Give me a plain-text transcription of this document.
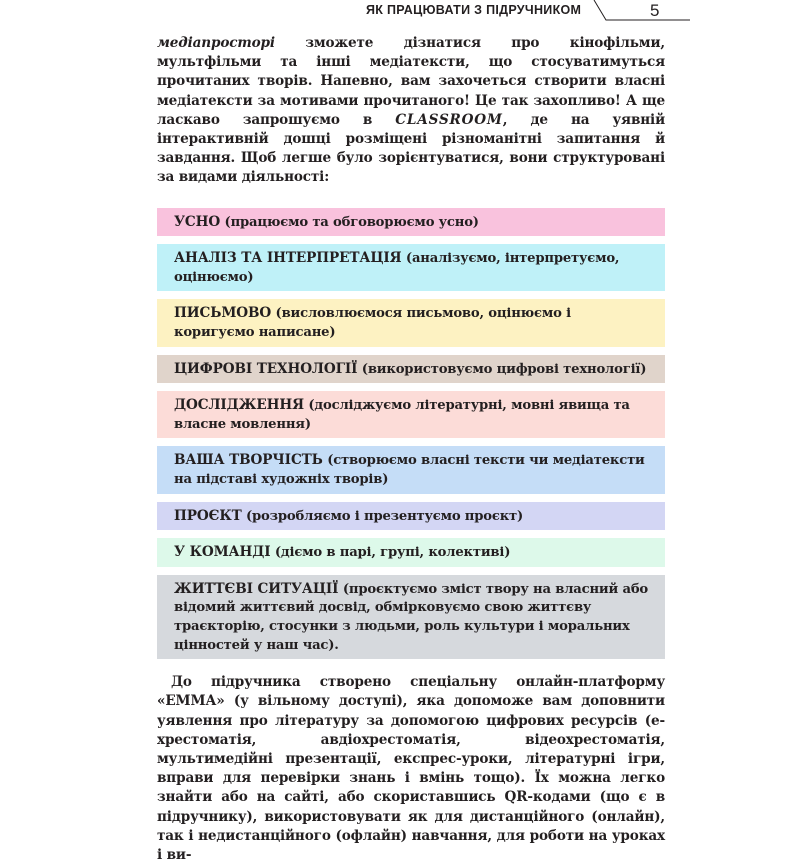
ЯК ПРАЦЮВАТИ З ПІДРУЧНИКОМ	5

медіапросторі зможете дізнатися про кінофільми, мультфільми та інші медіатексти, що стосуватимуться прочитаних творів. Напевно, вам захочеться створити власні медіатексти за мотивами прочитаного! Це так захопливо! А ще ласкаво запрошуємо в CLASSROOM, де на уявній інтерактивній дошці розміщені різноманітні запитання й завдання. Щоб легше було зорієнтуватися, вони структуровані за видами діяльності:

УСНО (працюємо та обговорюємо усно)
АНАЛІЗ ТА ІНТЕРПРЕТАЦІЯ (аналізуємо, інтерпретуємо, оцінюємо)
ПИСЬМОВО (висловлюємося письмово, оцінюємо і коригуємо написане)
ЦИФРОВІ ТЕХНОЛОГІЇ (використовуємо цифрові технології)
ДОСЛІДЖЕННЯ (досліджуємо літературні, мовні явища та власне мовлення)
ВАША ТВОРЧІСТЬ (створюємо власні тексти чи медіатексти на підставі художніх творів)
ПРОЄКТ (розробляємо і презентуємо проєкт)
У КОМАНДІ (діємо в парі, групі, колективі)
ЖИТТЄВІ СИТУАЦІЇ (проєктуємо зміст твору на власний або відомий життєвий досвід, обмірковуємо свою життєву траєкторію, стосунки з людьми, роль культури і моральних цінностей у наш час).

До підручника створено спеціальну онлайн-платформу «ЕММА» (у вільному доступі), яка допоможе вам доповнити уявлення про літературу за допомогою цифрових ресурсів (е-хрестоматія, авдіохрестоматія, відеохрестоматія, мультимедійні презентації, експрес-уроки, літературні ігри, вправи для перевірки знань і вмінь тощо). Їх можна легко знайти або на сайті, або скориставшись QR-кодами (що є в підручнику), використовувати як для дистанційного (онлайн), так і недистанційного (офлайн) навчання, для роботи на уроках і ви-
